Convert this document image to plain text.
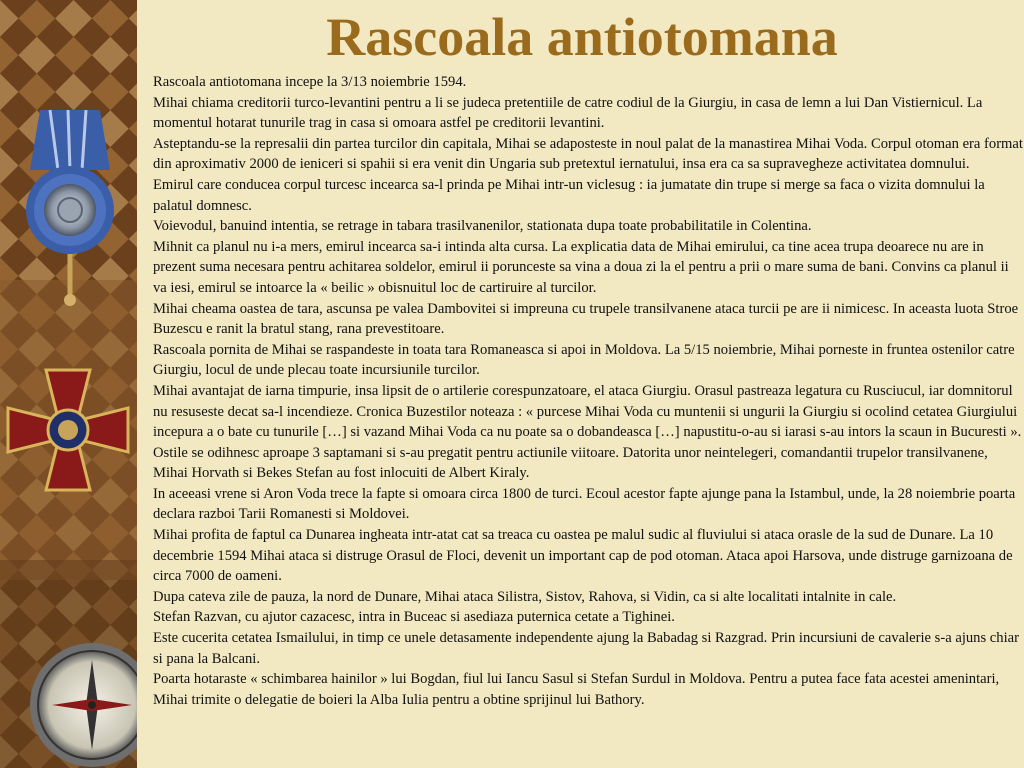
Rascoala antiotomana

Rascoala antiotomana incepe la 3/13 noiembrie 1594.

Mihai chiama creditorii turco-levantini pentru a li se judeca pretentiile de catre codiul de la Giurgiu, in casa de lemn a lui Dan Vistiernicul. La momentul hotarat tunurile trag in casa si omoara astfel pe creditorii levantini.

Asteptandu-se la represalii din partea turcilor din capitala, Mihai se adaposteste in noul palat de la manastirea Mihai Voda. Corpul otoman era format din aproximativ 2000 de ieniceri si spahii si era venit din Ungaria sub pretextul iernatului, insa era ca sa supravegheze activitatea domnului.

Emirul care conducea corpul turcesc incearca sa-l prinda pe Mihai intr-un viclesug : ia jumatate din trupe si merge sa faca o vizita domnului la palatul domnesc.

Voievodul, banuind intentia, se retrage in tabara trasilvanenilor, stationata dupa toate probabilitatile in Colentina.

Mihnit ca planul nu i-a mers, emirul incearca sa-i intinda alta cursa. La explicatia data de Mihai emirului, ca tine acea trupa deoarece nu are in prezent suma necesara pentru achitarea soldelor, emirul ii porunceste sa vina a doua zi la el pentru a prii o mare suma de bani. Convins ca planul ii va iesi, emirul se intoarce la « beilic » obisnuitul loc de cartiruire al turcilor.

Mihai cheama oastea de tara, ascunsa pe valea Dambovitei si impreuna cu trupele transilvanene ataca turcii pe are ii nimicesc. In aceasta luota Stroe Buzescu e ranit la bratul stang, rana prevestitoare.

Rascoala pornita de Mihai se raspandeste in toata tara Romaneasca si apoi in Moldova. La 5/15 noiembrie, Mihai porneste in fruntea ostenilor catre Giurgiu, locul de unde plecau toate incursiunile turcilor.

Mihai avantajat de iarna timpurie, insa lipsit de o artilerie corespunzatoare, el ataca Giurgiu. Orasul pastreaza legatura cu Rusciucul, iar domnitorul nu resuseste decat sa-l incendieze. Cronica Buzestilor noteaza : « purcese Mihai Voda cu muntenii si ungurii la Giurgiu si ocolind cetatea Giurgiului incepura a o bate cu tunurile […] si vazand Mihai Voda ca nu poate sa o dobandeasca […] napustitu-o-au si iarasi s-au intors la scaun in Bucuresti ».

Ostile se odihnesc aproape 3 saptamani si s-au pregatit pentru actiunile viitoare. Datorita unor neintelegeri, comandantii trupelor transilvanene, Mihai Horvath si Bekes Stefan au fost inlocuiti de Albert Kiraly.

In aceeasi vrene si Aron Voda trece la fapte si omoara circa 1800 de turci. Ecoul acestor fapte ajunge pana la Istambul, unde, la 28 noiembrie poarta declara razboi Tarii Romanesti si Moldovei.

Mihai profita de faptul ca Dunarea ingheata intr-atat cat sa treaca cu oastea pe malul sudic al fluviului si ataca orasle de la sud de Dunare. La 10 decembrie 1594 Mihai ataca si distruge Orasul de Floci, devenit un important cap de pod otoman. Ataca apoi Harsova, unde distruge garnizoana de circa 7000 de oameni.

Dupa cateva zile de pauza, la nord de Dunare, Mihai ataca Silistra, Sistov, Rahova, si Vidin, ca si alte localitati intalnite in cale.

Stefan Razvan, cu ajutor cazacesc, intra in Buceac si asediaza puternica cetate a Tighinei.

Este cucerita cetatea Ismailului, in timp ce unele detasamente independente ajung la Babadag si Razgrad. Prin incursiuni de cavalerie s-a ajuns chiar si pana la Balcani.

Poarta hotaraste « schimbarea hainilor » lui Bogdan, fiul lui Iancu Sasul si Stefan Surdul in Moldova. Pentru a putea face fata acestei amenintari, Mihai trimite o delegatie de boieri la Alba Iulia pentru a obtine sprijinul lui Bathory.
